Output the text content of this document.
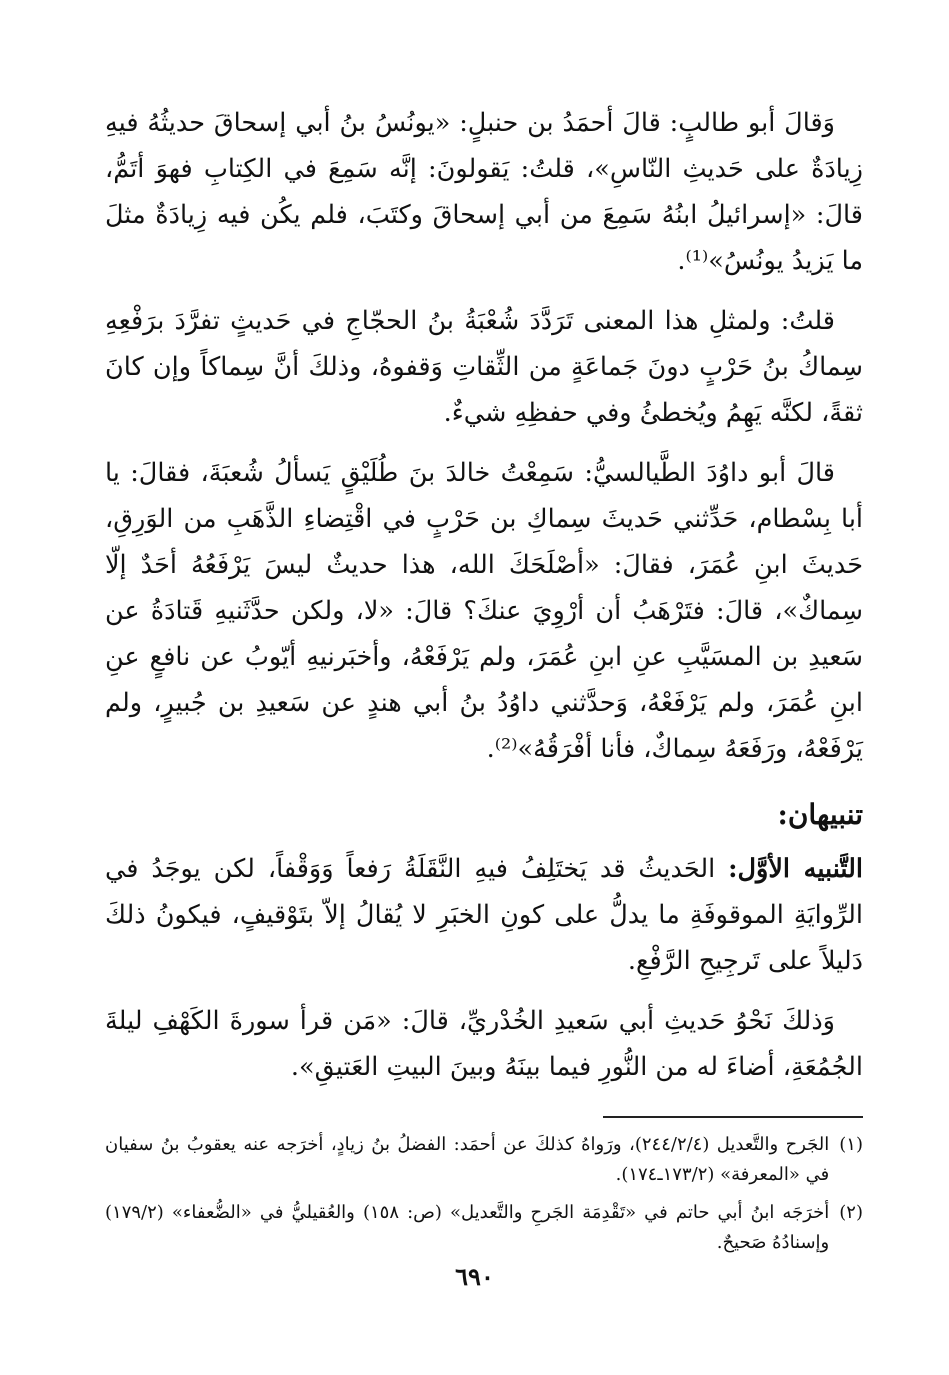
وَقالَ أبو طالبٍ: قالَ أحمَدُ بن حنبلٍ: «يونُسُ بنُ أبي إسحاقَ حديثُهُ فيهِ زِيادَةٌ على حَديثِ النّاسِ»، قلتُ: يَقولونَ: إنَّه سَمِعَ في الكِتابِ فهوَ أتَمُّ، قالَ: «إسرائيلُ ابنُهُ سَمِعَ من أبي إسحاقَ وكتَبَ، فلم يكُن فيه زِيادَةٌ مثلَ ما يَزيدُ يونُسُ»⁽¹⁾.

قلتُ: ولمثلِ هذا المعنى تَرَدَّدَ شُعْبَةُ بنُ الحجّاجِ في حَديثٍ تفرَّدَ برَفْعِهِ سِماكُ بنُ حَرْبٍ دونَ جَماعَةٍ من الثِّقاتِ وَقفوهُ، وذلكَ أنَّ سِماكاً وإن كانَ ثقةً، لكنَّه يَهِمُ ويُخطئُ وفي حفظِهِ شيءٌ.

قالَ أبو داوُدَ الطَّيالسيُّ: سَمِعْتُ خالدَ بنَ طُلَيْقٍ يَسألُ شُعبَةَ، فقالَ: يا أبا بِسْطام، حَدِّثني حَديثَ سِماكِ بن حَرْبٍ في اقْتِضاءِ الذَّهَبِ من الوَرِقِ، حَديثَ ابنِ عُمَرَ، فقالَ: «أصْلَحَكَ الله، هذا حديثٌ ليسَ يَرْفَعُهُ أحَدٌ إلّا سِماكٌ»، قالَ: فتَرْهَبُ أن أرْوِيَ عنكَ؟ قالَ: «لا، ولكن حدَّثَنيهِ قَتادَةُ عن سَعيدِ بن المسَيَّبِ عنِ ابنِ عُمَرَ، ولم يَرْفَعْهُ، وأخبَرنيهِ أيّوبُ عن نافعٍ عنِ ابنِ عُمَرَ، ولم يَرْفَعْهُ، وَحدَّثني داوُدُ بنُ أبي هندٍ عن سَعيدِ بن جُبيرٍ، ولم يَرْفَعْهُ، ورَفَعَهُ سِماكٌ، فأنا أفْرَقُهُ»⁽²⁾.

تنبيهان:

التَّنبيه الأوَّل: الحَديثُ قد يَختَلِفُ فيهِ النَّقَلَةُ رَفعاً وَوَقْفاً، لكن يوجَدُ في الرِّوايَةِ الموقوفَةِ ما يدلُّ على كونِ الخبَرِ لا يُقالُ إلاّ بتَوْقيفٍ، فيكونُ ذلكَ دَليلاً على تَرجِيحِ الرَّفْعِ.

وَذلكَ نَحْوُ حَديثِ أبي سَعيدِ الخُدْريِّ، قالَ: «مَن قرأ سورةَ الكَهْفِ ليلةَ الجُمُعَةِ، أضاءَ له من النُّورِ فيما بينَهُ وبينَ البيتِ العَتيقِ».

(١)
الجَرح والتَّعديل (٢٤٤/٢/٤)، ورَواهُ كذلكَ عن أحمَد: الفضلُ بنُ زيادٍ، أخرَجه عنه يعقوبُ بنُ سفيان في «المعرفة» (١٧٣/٢ـ١٧٤).
(٢)
أخرَجَه ابنُ أبي حاتم في «تَقْدِمَة الجَرحِ والتَّعديل» (ص: ١٥٨) والعُقيليُّ في «الضُّعفاء» (١٧٩/٢) وإسنادُهُ صَحيحٌ.
٦٩٠
